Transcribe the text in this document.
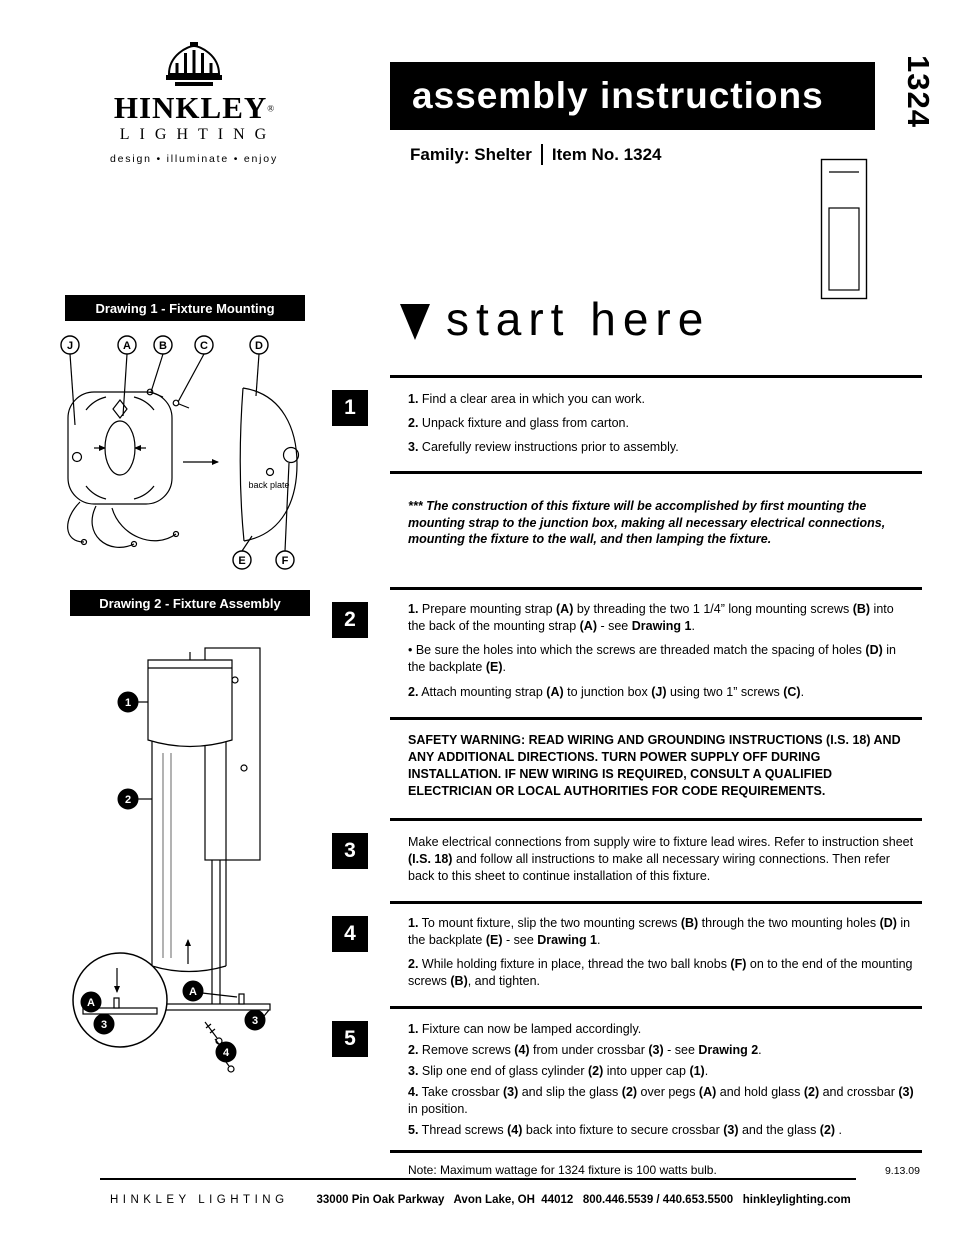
HINKLEY®
LIGHTING
design • illuminate • enjoy
assembly instructions
Family: Shelter Item No. 1324
1324
start here
Drawing 1 - Fixture Mounting
Drawing 2 - Fixture Assembly
back plate
J	A	B	C	D
E	F
1
2
A
A
3	3
4
1	1. Find a clear area in which you can work.

2. Unpack fixture and glass from carton.

3. Carefully review instructions prior to assembly.

*** The construction of this fixture will be accomplished by first mounting the mounting strap to the junction box, making all necessary electrical connections, mounting the fixture to the wall, and then lamping the fixture.

2	1. Prepare mounting strap (A) by threading the two 1 1/4” long mounting screws (B) into the back of the mounting strap (A) - see Drawing 1.

• Be sure the holes into which the screws are threaded match the spacing of holes (D) in the backplate (E).

2. Attach mounting strap (A) to junction box (J) using two 1” screws (C).

SAFETY WARNING: READ WIRING AND GROUNDING INSTRUCTIONS (I.S. 18) AND ANY ADDITIONAL DIRECTIONS. TURN POWER SUPPLY OFF DURING INSTALLATION. IF NEW WIRING IS REQUIRED, CONSULT A QUALIFIED ELECTRICIAN OR LOCAL AUTHORITIES FOR CODE REQUIREMENTS.

3	Make electrical connections from supply wire to fixture lead wires. Refer to instruction sheet (I.S. 18) and follow all instructions to make all necessary wiring connections. Then refer back to this sheet to continue installation of this fixture.

4	1. To mount fixture, slip the two mounting screws (B) through the two mounting holes (D) in the backplate (E) - see Drawing 1.

2. While holding fixture in place, thread the two ball knobs (F) on to the end of the mounting screws (B), and tighten.

5	1. Fixture can now be lamped accordingly.

2. Remove screws (4) from under crossbar (3) - see Drawing 2.

3. Slip one end of glass cylinder (2) into upper cap (1).

4. Take crossbar (3) and slip the glass (2) over pegs (A) and hold glass (2) and crossbar (3) in position.

5. Thread screws (4) back into fixture to secure crossbar (3) and the glass (2) .

Note: Maximum wattage for 1324 fixture is 100 watts bulb.	9.13.09
HINKLEY LIGHTING 33000 Pin Oak Parkway   Avon Lake, OH  44012   800.446.5539 / 440.653.5500   hinkleylighting.com
